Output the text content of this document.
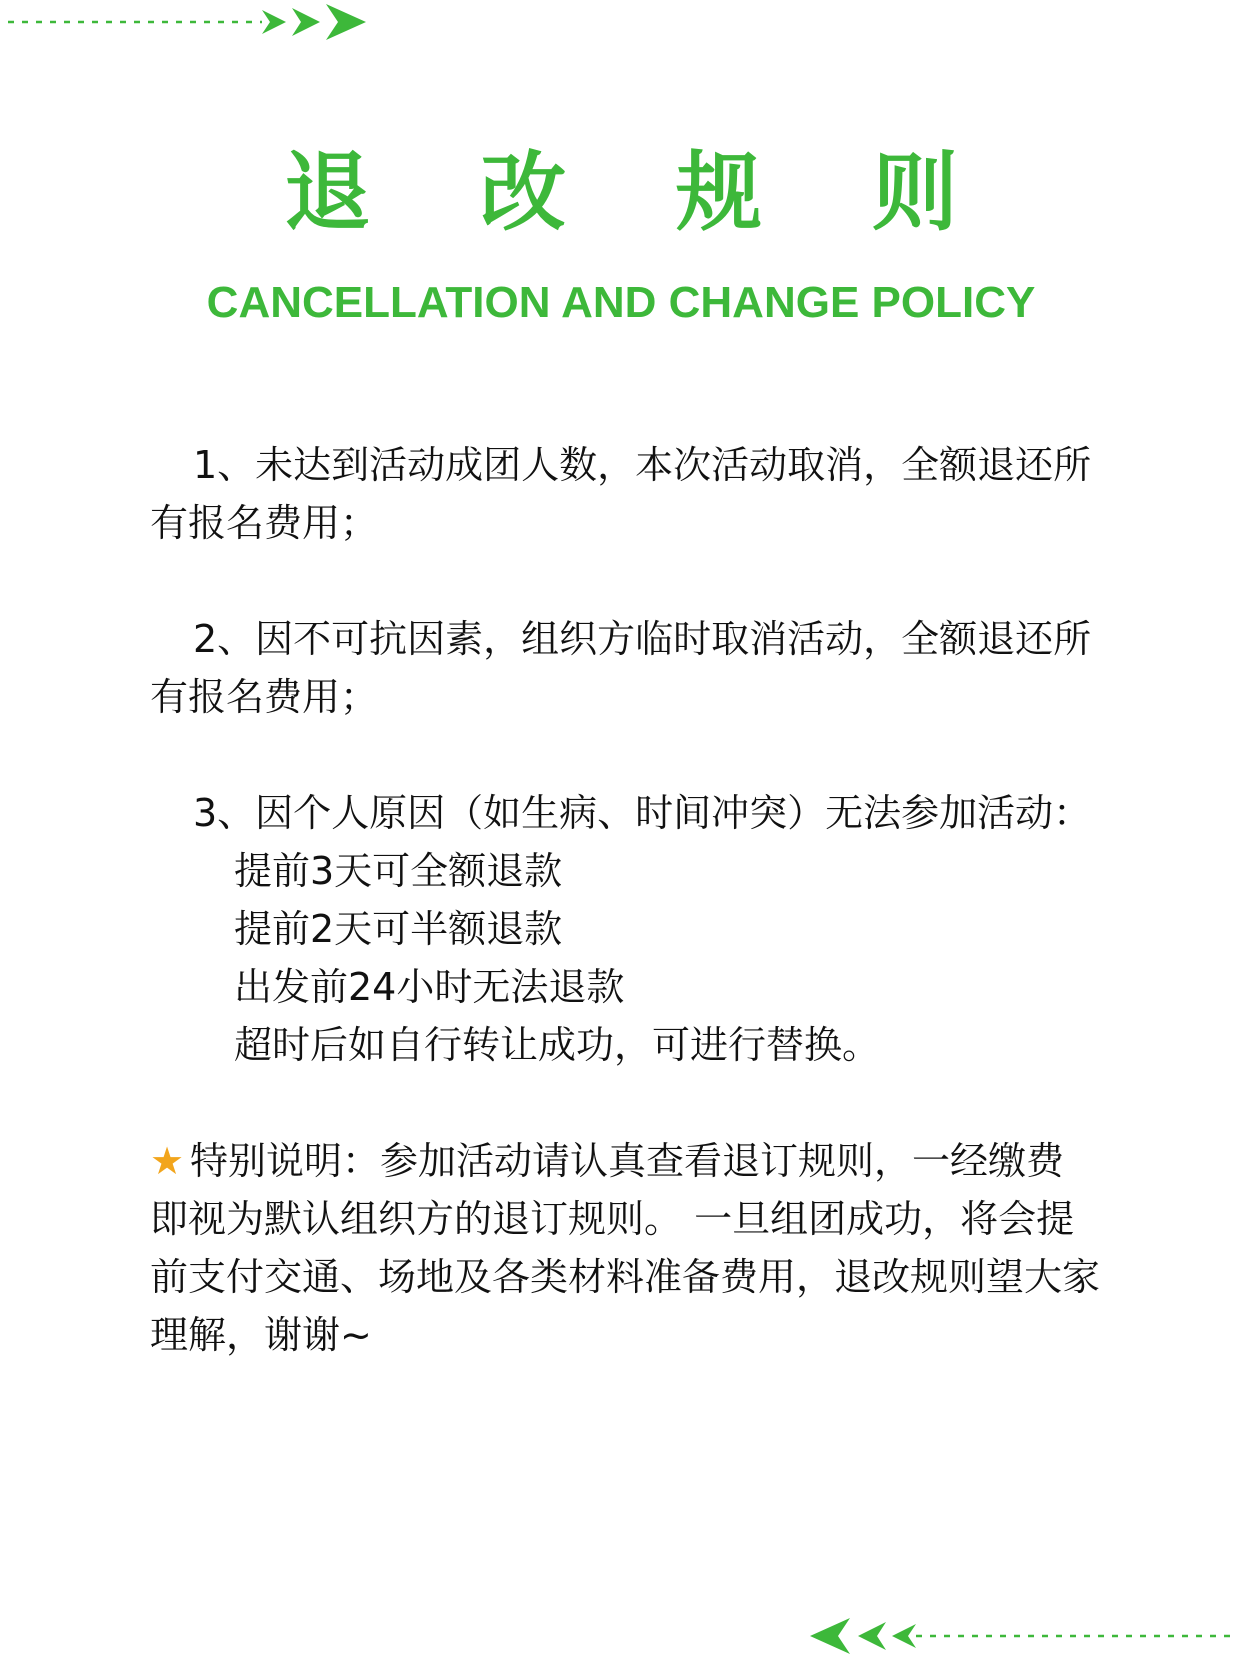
退 改 规 则
CANCELLATION AND CHANGE POLICY

1、未达到活动成团人数，本次活动取消，全额退还所有报名费用；

2、因不可抗因素，组织方临时取消活动，全额退还所有报名费用；

3、因个人原因（如生病、时间冲突）无法参加活动：

提前3天可全额退款
提前2天可半额退款
出发前24小时无法退款
超时后如自行转让成功，可进行替换。

★ 特别说明：参加活动请认真查看退订规则，一经缴费即视为默认组织方的退订规则。 一旦组团成功，将会提前支付交通、场地及各类材料准备费用，退改规则望大家理解，谢谢~
